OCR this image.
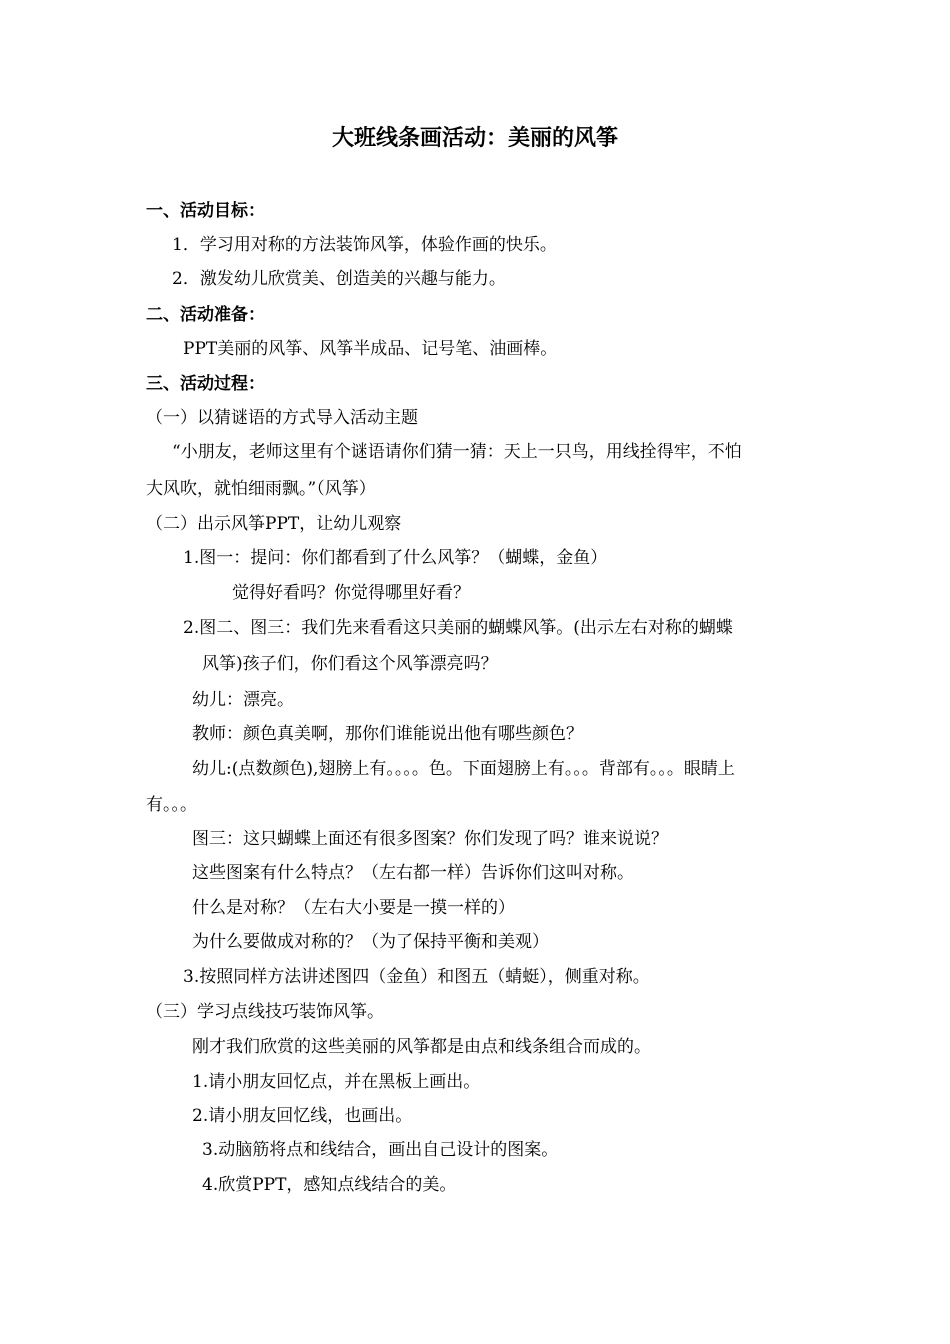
大班线条画活动：美丽的风筝

一、活动目标：

1．学习用对称的方法装饰风筝，体验作画的快乐。

2．激发幼儿欣赏美、创造美的兴趣与能力。

二、活动准备：

PPT美丽的风筝、风筝半成品、记号笔、油画棒。

三、活动过程：

（一）以猜谜语的方式导入活动主题

“小朋友，老师这里有个谜语请你们猜一猜：天上一只鸟，用线拴得牢，不怕

大风吹，就怕细雨飘。”（风筝）

（二）出示风筝PPT，让幼儿观察

1.图一：提问：你们都看到了什么风筝？（蝴蝶，金鱼）

觉得好看吗？你觉得哪里好看？

2.图二、图三：我们先来看看这只美丽的蝴蝶风筝。(出示左右对称的蝴蝶

风筝)孩子们，你们看这个风筝漂亮吗？

幼儿：漂亮。

教师：颜色真美啊，那你们谁能说出他有哪些颜色？

幼儿:(点数颜色),翅膀上有。。。。色。下面翅膀上有。。。背部有。。。眼睛上

有。。。

图三：这只蝴蝶上面还有很多图案？你们发现了吗？谁来说说？

这些图案有什么特点？（左右都一样）告诉你们这叫对称。

什么是对称？（左右大小要是一摸一样的）

为什么要做成对称的？（为了保持平衡和美观）

3.按照同样方法讲述图四（金鱼）和图五（蜻蜓），侧重对称。

（三）学习点线技巧装饰风筝。

刚才我们欣赏的这些美丽的风筝都是由点和线条组合而成的。

1.请小朋友回忆点，并在黑板上画出。

2.请小朋友回忆线，也画出。

3.动脑筋将点和线结合，画出自己设计的图案。

4.欣赏PPT，感知点线结合的美。
